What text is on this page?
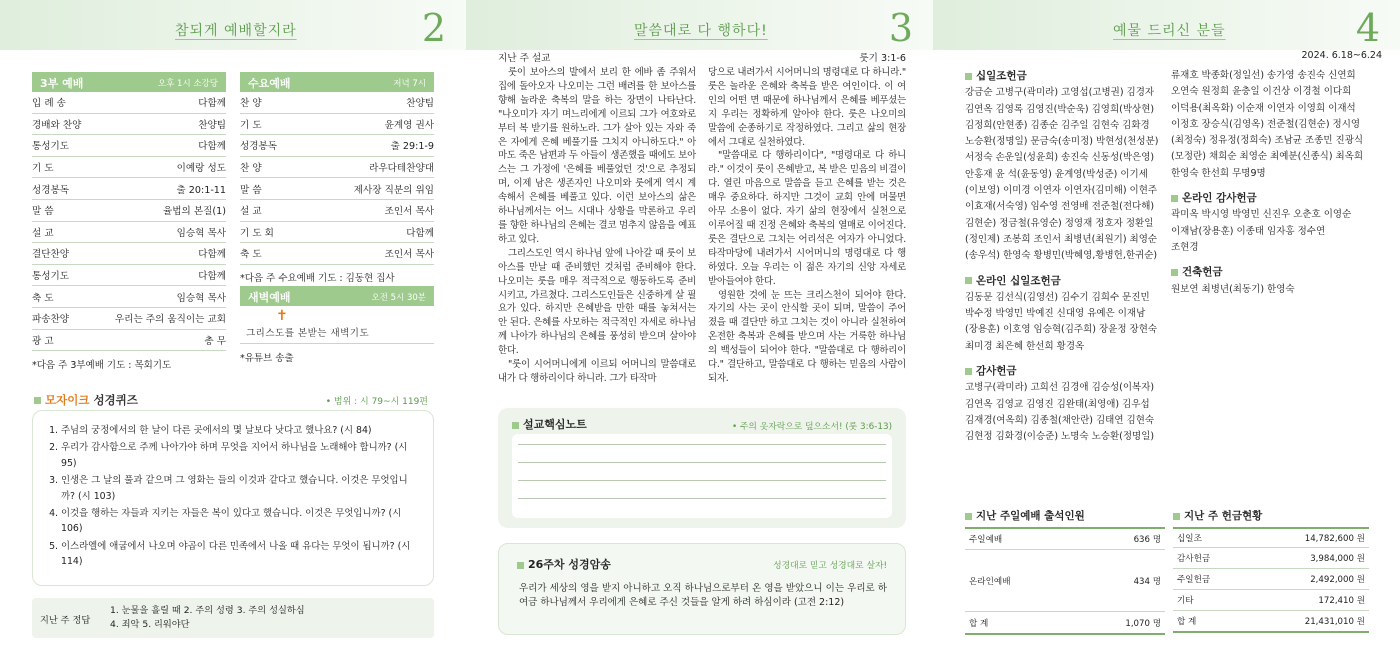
참되게 예배할지라	2
3부 예배	오후 1시 소강당
입 례 송	다함께
경배와 찬양	찬양팀
통성기도	다함께
기 도	이예랑 성도
성경봉독	출 20:1-11
말 씀	율법의 본질(1)
설 교	임승혁 목사
결단찬양	다함께
통성기도	다함께
축 도	임승혁 목사
파송찬양	우리는 주의 움직이는 교회
광 고	총 무
*다음 주 3부예배 기도 : 목회기도
수요예배	저녁 7시
찬 양	찬양팀
기 도	윤계영 권사
성경봉독	출 29:1-9
찬 양	라우다테찬양대
말 씀	제사장 직분의 위임
설 교	조인서 목사
기 도 회	다함께
축 도	조인서 목사
*다음 주 수요예배 기도 : 김동현 집사
새벽예배	오전 5시 30분
✝
그리스도를 본받는 새벽기도
*유튜브 송출
모자이크 성경퀴즈	• 범위 : 시 79~시 119편
1. 주님의 궁정에서의 한 날이 다른 곳에서의 몇 날보다 낫다고 했나요? (시 84)
2. 우리가 감사함으로 주께 나아가야 하며 무엇을 지어서 하나님을 노래해야 합니까? (시 95)
3. 인생은 그 날의 풀과 같으며 그 영화는 들의 이것과 같다고 했습니다. 이것은 무엇입니까? (시 103)
4. 이것을 행하는 자들과 지키는 자들은 복이 있다고 했습니다. 이것은 무엇입니까? (시 106)
5. 이스라엘에 애굽에서 나오며 야곱이 다른 민족에서 나올 때 유다는 무엇이 됩니까? (시 114)
지난 주 정답
1. 눈물을 흘릴 때 2. 주의 성령 3. 주의 성실하심
4. 죄악 5. 리워야단
말씀대로 다 행하다!	3
지난 주 설교	룻기 3:1-6

룻이 보아스의 발에서 보리 한 에바 좀 주워서 집에 돌아오자 나오미는 그런 배려를 한 보아스를 향해 놀라운 축복의 말을 하는 장면이 나타난다. "나오미가 자기 며느리에게 이르되 그가 여호와로부터 복 받기를 원하노라. 그가 살아 있는 자와 죽은 자에게 은혜 베풀기를 그치지 아니하도다." 아마도 죽은 남편과 두 아들이 생존했을 때에도 보아스는 그 가정에 '은혜를 베풀었던 것'으로 추정되며, 이제 남은 생존자인 나오미와 룻에게 역시 계속해서 은혜를 베풀고 있다. 이런 보아스의 삶은 하나님께서는 어느 시대나 상황을 막론하고 우리를 향한 하나님의 은혜는 결코 멈추지 않음을 예표하고 있다.

그리스도인 역시 하나님 앞에 나아갈 때 룻이 보아스를 만날 때 준비했던 것처럼 준비해야 한다. 나오미는 룻을 매우 적극적으로 행동하도록 준비시키고, 가르쳤다. 그리스도인들은 신중하게 살 필요가 있다. 하지만 은혜받을 만한 때를 놓쳐서는 안 된다. 은혜를 사모하는 적극적인 자세로 하나님께 나아가 하나님의 은혜를 풍성히 받으며 살아야 한다.

"룻이 시어머니에게 이르되 어머니의 말씀대로 내가 다 행하리이다 하니라. 그가 타작마

당으로 내려가서 시어머니의 명령대로 다 하니라." 룻은 놀라운 은혜와 축복을 받은 여인이다. 이 여인의 어떤 면 때문에 하나님께서 은혜를 베푸셨는지 우리는 정확하게 알아야 한다. 룻은 나오미의 말씀에 순종하기로 작정하였다. 그리고 삶의 현장에서 그대로 실천하였다.

"말씀대로 다 행하리이다", "명령대로 다 하니라." 이것이 룻이 은혜받고, 복 받은 믿음의 비결이다. 열린 마음으로 말씀을 듣고 은혜를 받는 것은 매우 중요하다. 하지만 그것이 교회 안에 머물면 아무 소용이 없다. 자기 삶의 현장에서 실천으로 이루어질 때 진정 은혜와 축복의 열매로 이어진다. 룻은 결단으로 그치는 어리석은 여자가 아니었다. 타작마당에 내려가서 시어머니의 명령대로 다 행하였다. 오늘 우리는 이 젊은 자기의 신앙 자세로 받아들여야 한다.

영원한 것에 눈 뜨는 크리스천이 되어야 한다. 자기의 사는 곳이 안식할 곳이 되며, 말씀이 주어졌을 때 결단만 하고 그치는 것이 아니라 실천하여 온전한 축복과 은혜를 받으며 사는 거룩한 하나님의 백성들이 되어야 한다. "말씀대로 다 행하리이다." 결단하고, 말씀대로 다 행하는 믿음의 사람이 되자.

설교핵심노트	• 주의 옷자락으로 덮으소서! (룻 3:6-13)
26주차 성경암송	성경대로 믿고 성경대로 살자!
우리가 세상의 영을 받지 아니하고 오직 하나님으로부터 온 영을 받았으니 이는 우리로 하여금 하나님께서 우리에게 은혜로 주신 것들을 알게 하려 하심이라 (고전 2:12)
예물 드리신 분들	4
2024. 6.18~6.24
십일조헌금
강금순 고병구(곽미라) 고영섭(고병권) 김경자
김연옥 김영록 김영진(박순욱) 김영희(박상현)
김정희(안현종) 김종순 김주일 김현숙 김화경
노승환(정명일) 문금숙(송미정) 박현성(천성분)
서정숙 손운일(성윤희) 송진숙 신동성(박은영)
안홍재 윤 석(윤동영) 윤계영(박성준) 이기세
(이보영) 이미경 이연자 이연자(김미해) 이현주
이효재(서숙영) 임수영 전영배 전준철(전다해)
김현순) 정금철(유영순) 정영재 정호자 정환일
(정인제) 조봉희 조인서 최병년(최원기) 최영순
(송우석) 한영숙 황병민(박혜영,황병헌,한귀순)
온라인 십일조헌금
김동문 김선식(김영선) 김수기 김희수 문진민
박수정 박영민 박예진 신대영 유예은 이재남
(장용훈) 이호영 임승혁(김주희) 장윤정 장현숙
최미경 최은혜 한선희 황경옥
감사헌금
고병구(곽미라) 고희선 김경애 김승성(이복자)
김연옥 김영교 김영진 김완태(최영애) 김우섭
김재경(여옥희) 김종철(채안란) 김태연 김현숙
김현정 김화경(이승준) 노명숙 노승환(정명일)
류재호 박종화(정일선) 송가영 송진숙 신연희
오연숙 원정희 윤충일 이건상 이경철 이다희
이덕용(최옥화) 이순재 이연자 이영희 이재석
이정호 장승식(김영옥) 전준철(김현순) 정시영
(최정숙) 정유정(정희숙) 조남균 조종민 진광식
(모정란) 채희순 최영순 최예분(신종식) 최옥희
한영숙 한선희 무명9명
온라인 감사헌금
곽미옥 박시영 박영민 신진우 오춘호 이영순
이재남(장용훈) 이종태 임자홍 정수연
조현경
건축헌금
원보연 최병년(최동기) 한영숙
지난 주일예배 출석인원
주일예배	636 명
온라인예배	434 명
합 계	1,070 명
지난 주 헌금현황
십일조	14,782,600 원
감사헌금	3,984,000 원
주일헌금	2,492,000 원
기타	172,410 원
합 계	21,431,010 원
